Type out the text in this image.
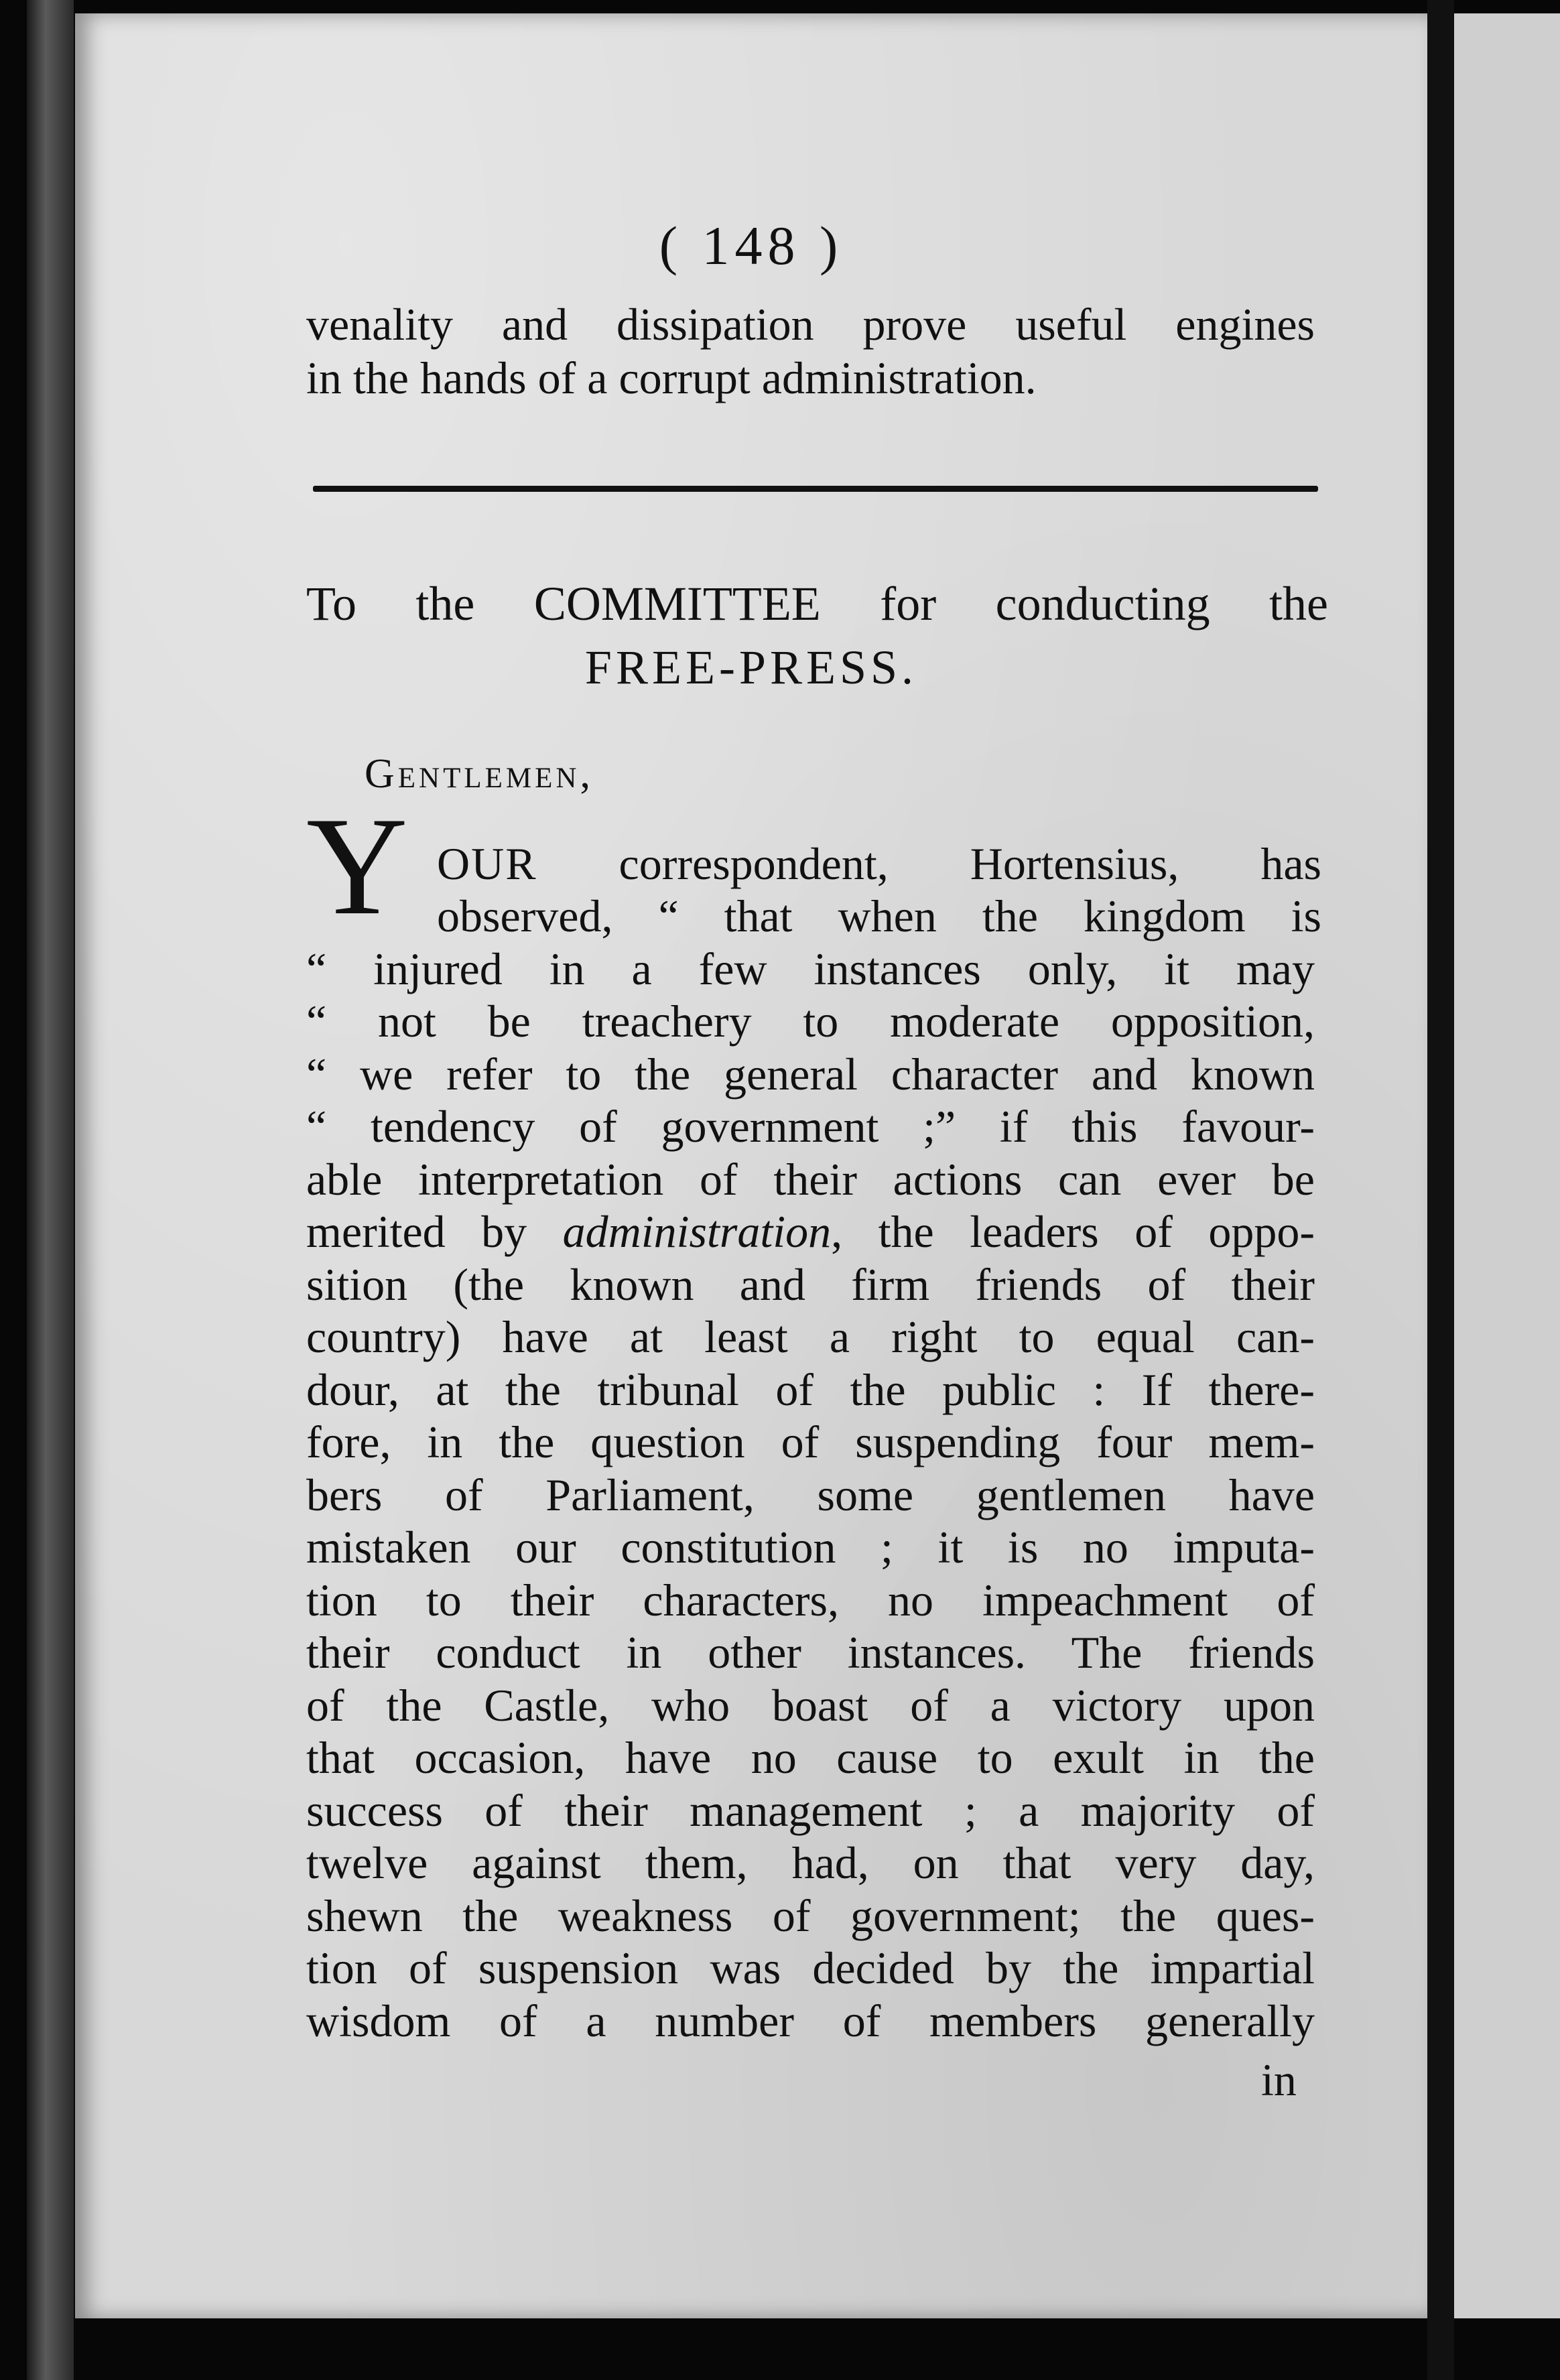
( 148 )
venality and dissipation prove useful engines
in the hands of a corrupt administration.
To the COMMITTEE for conducting the
FREE-PRESS.
Gentlemen,
Y OUR correspondent, Hortensius, has
observed, “ that when the kingdom is
“ injured in a few instances only, it may
“ not be treachery to moderate opposition,
“ we refer to the general character and known
“ tendency of government ;” if this favour-
able interpretation of their actions can ever be
merited by administration, the leaders of oppo-
sition (the known and firm friends of their
country) have at least a right to equal can-
dour, at the tribunal of the public : If there-
fore, in the question of suspending four mem-
bers of Parliament, some gentlemen have
mistaken our constitution ; it is no imputa-
tion to their characters, no impeachment of
their conduct in other instances. The friends
of the Castle, who boast of a victory upon
that occasion, have no cause to exult in the
success of their management ; a majority of
twelve against them, had, on that very day,
shewn the weakness of government; the ques-
tion of suspension was decided by the impartial
wisdom of a number of members generally
in
